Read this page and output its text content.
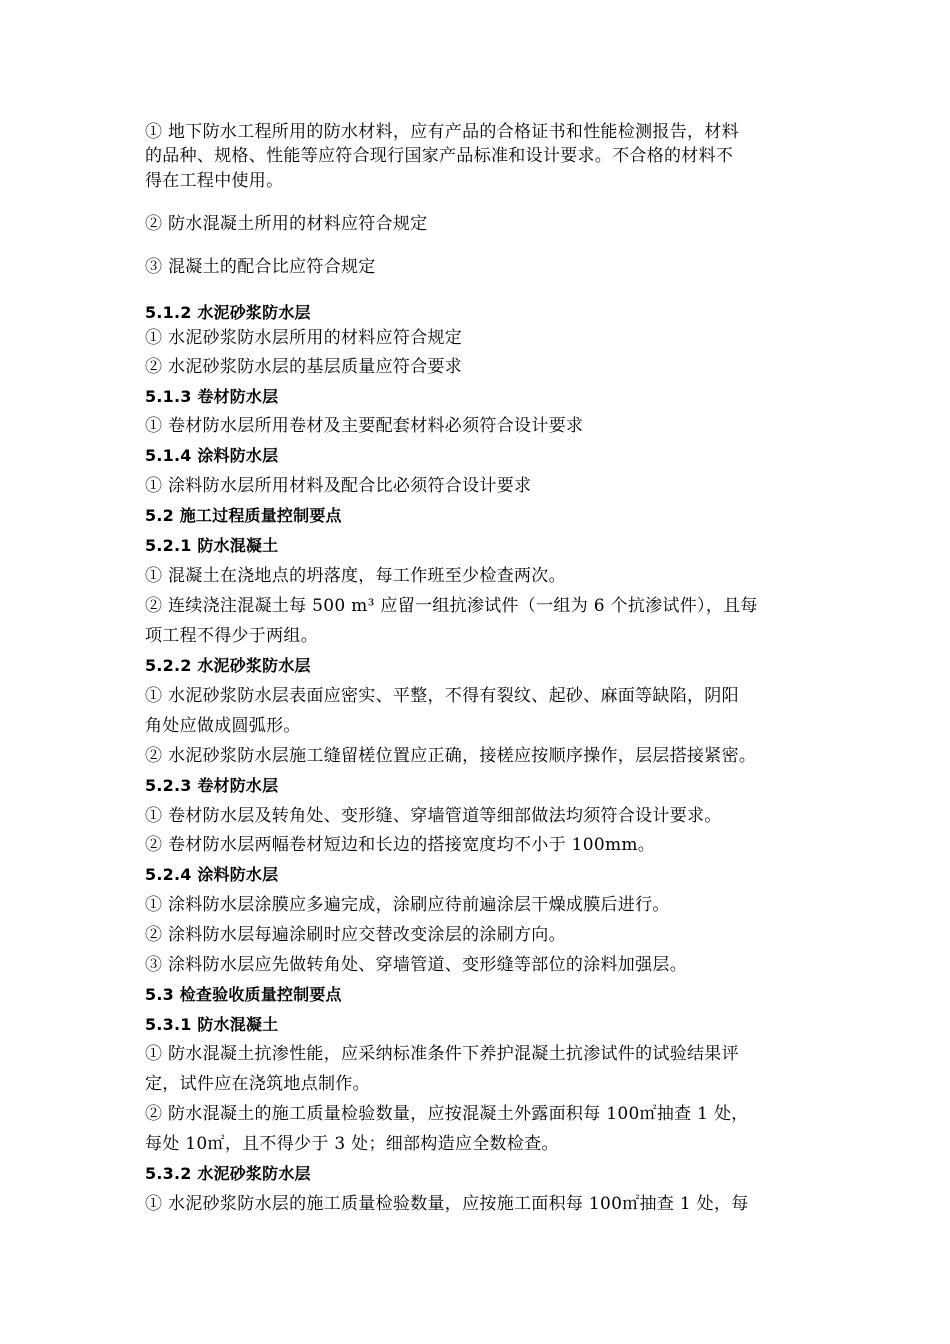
① 地下防水工程所用的防水材料，应有产品的合格证书和性能检测报告，材料
的品种、规格、性能等应符合现行国家产品标准和设计要求。不合格的材料不
得在工程中使用。
② 防水混凝土所用的材料应符合规定
③ 混凝土的配合比应符合规定
5.1.2 水泥砂浆防水层
① 水泥砂浆防水层所用的材料应符合规定
② 水泥砂浆防水层的基层质量应符合要求
5.1.3 卷材防水层
① 卷材防水层所用卷材及主要配套材料必须符合设计要求
5.1.4 涂料防水层
① 涂料防水层所用材料及配合比必须符合设计要求
5.2 施工过程质量控制要点
5.2.1 防水混凝土
① 混凝土在浇地点的坍落度，每工作班至少检查两次。
② 连续浇注混凝土每 500 m³ 应留一组抗渗试件（一组为 6 个抗渗试件），且每
项工程不得少于两组。
5.2.2 水泥砂浆防水层
① 水泥砂浆防水层表面应密实、平整，不得有裂纹、起砂、麻面等缺陷，阴阳
角处应做成圆弧形。
② 水泥砂浆防水层施工缝留槎位置应正确，接槎应按顺序操作，层层搭接紧密。
5.2.3 卷材防水层
① 卷材防水层及转角处、变形缝、穿墙管道等细部做法均须符合设计要求。
② 卷材防水层两幅卷材短边和长边的搭接宽度均不小于 100mm。
5.2.4 涂料防水层
① 涂料防水层涂膜应多遍完成，涂刷应待前遍涂层干燥成膜后进行。
② 涂料防水层每遍涂刷时应交替改变涂层的涂刷方向。
③ 涂料防水层应先做转角处、穿墙管道、变形缝等部位的涂料加强层。
5.3 检查验收质量控制要点
5.3.1 防水混凝土
① 防水混凝土抗渗性能，应采纳标准条件下养护混凝土抗渗试件的试验结果评
定，试件应在浇筑地点制作。
② 防水混凝土的施工质量检验数量，应按混凝土外露面积每 100㎡抽查 1 处，
每处 10㎡，且不得少于 3 处；细部构造应全数检查。
5.3.2 水泥砂浆防水层
① 水泥砂浆防水层的施工质量检验数量，应按施工面积每 100㎡抽查 1 处，每
